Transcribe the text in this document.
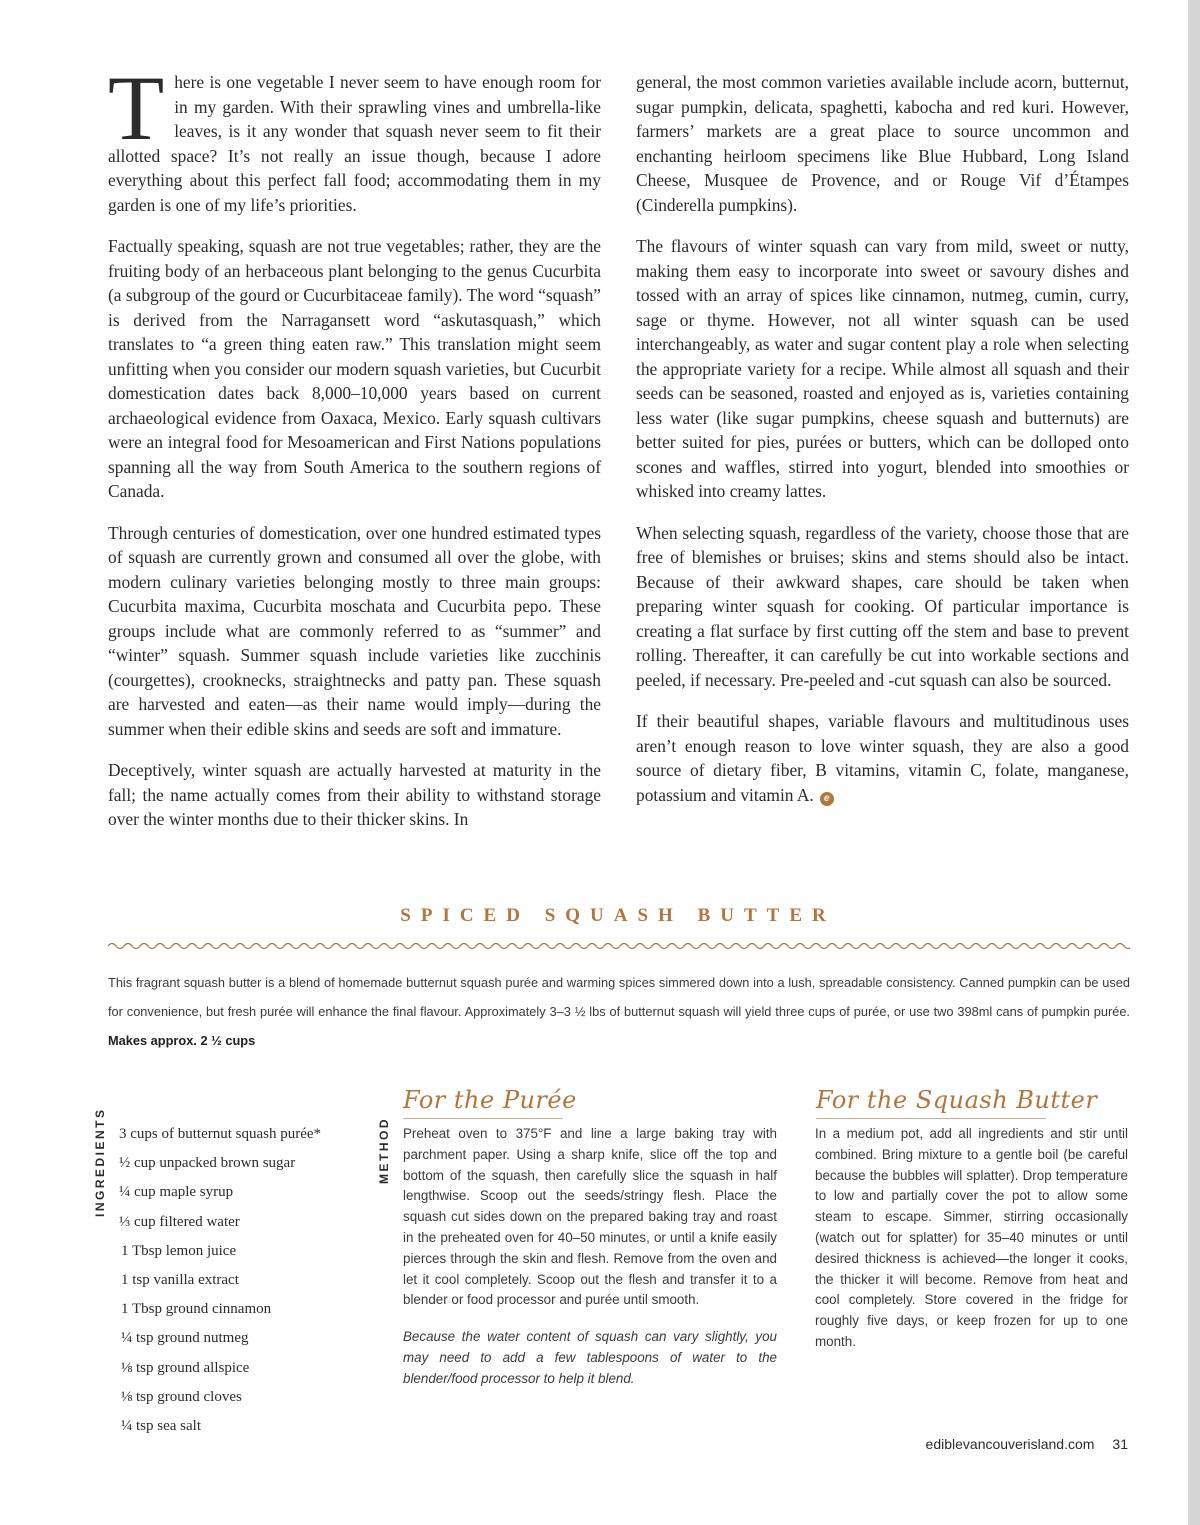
There is one vegetable I never seem to have enough room for in my garden. With their sprawling vines and umbrella-like leaves, is it any wonder that squash never seem to fit their allotted space? It’s not really an issue though, because I adore everything about this perfect fall food; accommodating them in my garden is one of my life’s priorities.

Factually speaking, squash are not true vegetables; rather, they are the fruiting body of an herbaceous plant belonging to the genus Cucurbita (a subgroup of the gourd or Cucurbitaceae family). The word “squash” is derived from the Narragansett word “askutasquash,” which translates to “a green thing eaten raw.” This translation might seem unfitting when you consider our modern squash varieties, but Cucurbit domestication dates back 8,000–10,000 years based on current archaeological evidence from Oaxaca, Mexico. Early squash cultivars were an integral food for Mesoamerican and First Nations populations spanning all the way from South America to the southern regions of Canada.

Through centuries of domestication, over one hundred estimated types of squash are currently grown and consumed all over the globe, with modern culinary varieties belonging mostly to three main groups: Cucurbita maxima, Cucurbita moschata and Cucurbita pepo. These groups include what are commonly referred to as “summer” and “winter” squash. Summer squash include varieties like zucchinis (courgettes), crooknecks, straightnecks and patty pan. These squash are harvested and eaten—as their name would imply—during the summer when their edible skins and seeds are soft and immature.

Deceptively, winter squash are actually harvested at maturity in the fall; the name actually comes from their ability to withstand storage over the winter months due to their thicker skins. In

general, the most common varieties available include acorn, butternut, sugar pumpkin, delicata, spaghetti, kabocha and red kuri. However, farmers’ markets are a great place to source uncommon and enchanting heirloom specimens like Blue Hubbard, Long Island Cheese, Musquee de Provence, and or Rouge Vif d’Étampes (Cinderella pumpkins).

The flavours of winter squash can vary from mild, sweet or nutty, making them easy to incorporate into sweet or savoury dishes and tossed with an array of spices like cinnamon, nutmeg, cumin, curry, sage or thyme. However, not all winter squash can be used interchangeably, as water and sugar content play a role when selecting the appropriate variety for a recipe. While almost all squash and their seeds can be seasoned, roasted and enjoyed as is, varieties containing less water (like sugar pumpkins, cheese squash and butternuts) are better suited for pies, purées or butters, which can be dolloped onto scones and waffles, stirred into yogurt, blended into smoothies or whisked into creamy lattes.

When selecting squash, regardless of the variety, choose those that are free of blemishes or bruises; skins and stems should also be intact. Because of their awkward shapes, care should be taken when preparing winter squash for cooking. Of particular importance is creating a flat surface by first cutting off the stem and base to prevent rolling. Thereafter, it can carefully be cut into workable sections and peeled, if necessary. Pre-peeled and -cut squash can also be sourced.

If their beautiful shapes, variable flavours and multitudinous uses aren’t enough reason to love winter squash, they are also a good source of dietary fiber, B vitamins, vitamin C, folate, manganese, potassium and vitamin A. e

SPICED SQUASH BUTTER
This fragrant squash butter is a blend of homemade butternut squash purée and warming spices simmered down into a lush, spreadable consistency. Canned pumpkin can be used for convenience, but fresh purée will enhance the final flavour. Approximately 3–3 ½ lbs of butternut squash will yield three cups of purée, or use two 398ml cans of pumpkin purée. Makes approx. 2 ½ cups
INGREDIENTS 3 cups of butternut squash purée*
½ cup unpacked brown sugar
¼ cup maple syrup
⅓ cup filtered water
1 Tbsp lemon juice
1 tsp vanilla extract
1 Tbsp ground cinnamon
¼ tsp ground nutmeg
⅛ tsp ground allspice
⅛ tsp ground cloves
¼ tsp sea salt
METHOD
For the Purée

Preheat oven to 375°F and line a large baking tray with parchment paper. Using a sharp knife, slice off the top and bottom of the squash, then carefully slice the squash in half lengthwise. Scoop out the seeds/stringy flesh. Place the squash cut sides down on the prepared baking tray and roast in the preheated oven for 40–50 minutes, or until a knife easily pierces through the skin and flesh. Remove from the oven and let it cool completely. Scoop out the flesh and transfer it to a blender or food processor and purée until smooth.

Because the water content of squash can vary slightly, you may need to add a few tablespoons of water to the blender/food processor to help it blend.

For the Squash Butter

In a medium pot, add all ingredients and stir until combined. Bring mixture to a gentle boil (be careful because the bubbles will splatter). Drop temperature to low and partially cover the pot to allow some steam to escape. Simmer, stirring occasionally (watch out for splatter) for 35–40 minutes or until desired thickness is achieved—the longer it cooks, the thicker it will become. Remove from heat and cool completely. Store covered in the fridge for roughly five days, or keep frozen for up to one month.

ediblevancouverisland.com 31
